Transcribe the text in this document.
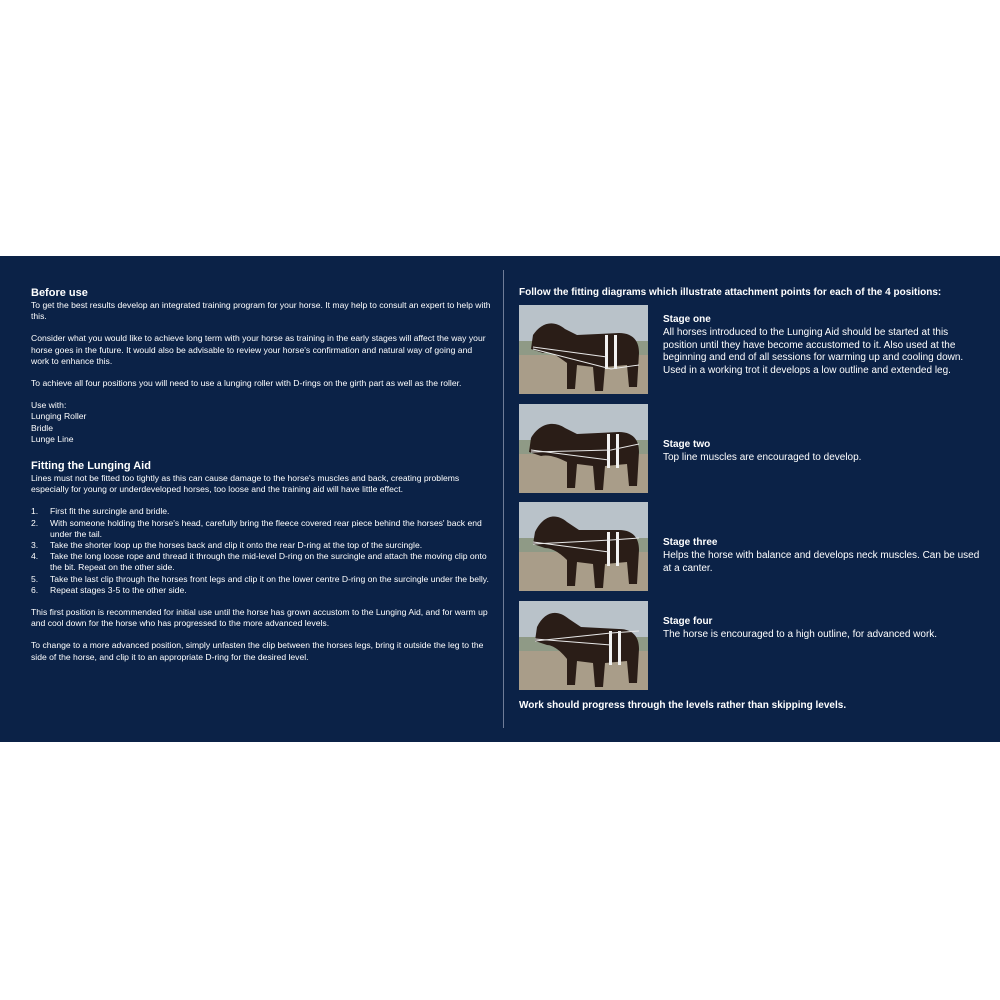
Before use

To get the best results develop an integrated training program for your horse. It may help to consult an expert to help with this.

Consider what you would like to achieve long term with your horse as training in the early stages will affect the way your horse goes in the future. It would also be advisable to review your horse's confirmation and natural way of going and work to enhance this.

To achieve all four positions you will need to use a lunging roller with D-rings on the girth part as well as the roller.

Use with:

Lunging Roller

Bridle

Lunge Line

Fitting the Lunging Aid

Lines must not be fitted too tightly as this can cause damage to the horse's muscles and back, creating problems especially for young or underdeveloped horses, too loose and the training aid will have little effect.

1. First fit the surcingle and bridle.
2. With someone holding the horse's head, carefully bring the fleece covered rear piece behind the horses' back end under the tail.
3. Take the shorter loop up the horses back and clip it onto the rear D-ring at the top of the surcingle.
4. Take the long loose rope and thread it through the mid-level D-ring on the surcingle and attach the moving clip onto the bit. Repeat on the other side.
5. Take the last clip through the horses front legs and clip it on the lower centre D-ring on the surcingle under the belly.
6. Repeat stages 3-5 to the other side.

This first position is recommended for initial use until the horse has grown accustom to the Lunging Aid, and for warm up and cool down for the horse who has progressed to the more advanced levels.

To change to a more advanced position, simply unfasten the clip between the horses legs, bring it outside the leg to the side of the horse, and clip it to an appropriate D-ring for the desired level.

Follow the fitting diagrams which illustrate attachment points for each of the 4 positions:

Stage one
All horses introduced to the Lunging Aid should be started at this position until they have become accustomed to it. Also used at the beginning and end of all sessions for warming up and cooling down. Used in a working trot it develops a low outline and extended leg.
Stage two
Top line muscles are encouraged to develop.
Stage three
Helps the horse with balance and develops neck muscles. Can be used at a canter.
Stage four
The horse is encouraged to a high outline, for advanced work.

Work should progress through the levels rather than skipping levels.
